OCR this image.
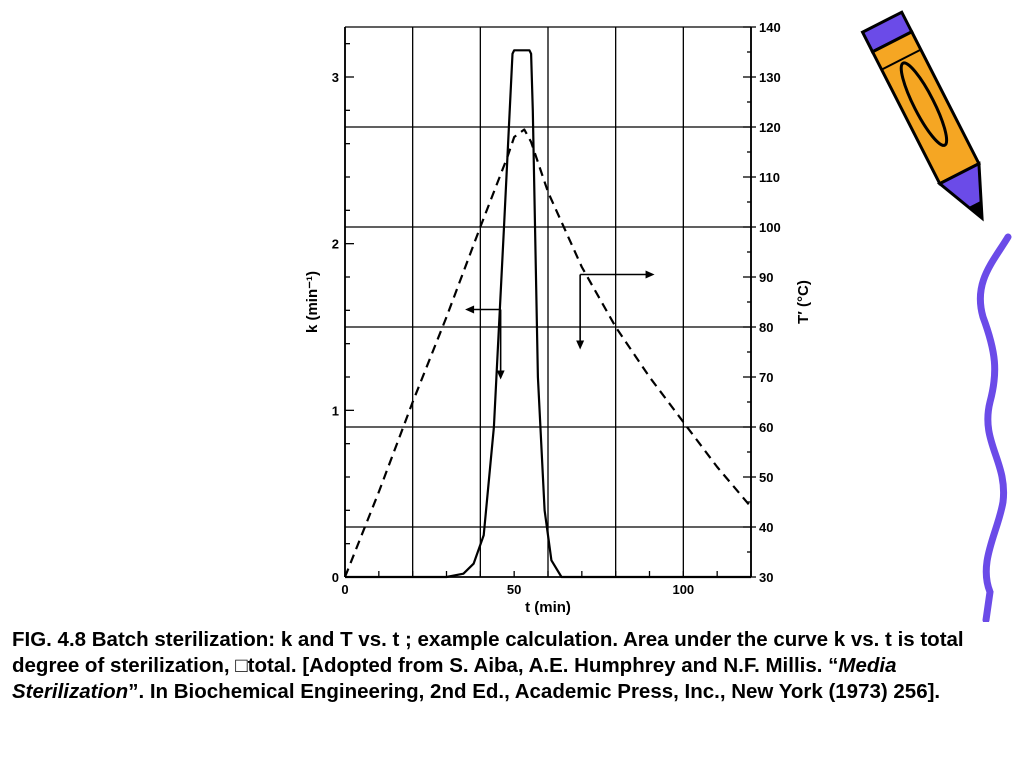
0
1
2
3
30
40
50
60
70
80
90
100
110
120
130
140
0	50	100
t (min)
k (min⁻¹)	T′ (°C)
FIG. 4.8 Batch sterilization: k and T vs. t ; example calculation. Area under the curve k vs. t is total degree of sterilization, □total. [Adopted from S. Aiba, A.E. Humphrey and N.F. Millis. “Media Sterilization”. In Biochemical Engineering, 2nd Ed., Academic Press, Inc., New York (1973) 256].
